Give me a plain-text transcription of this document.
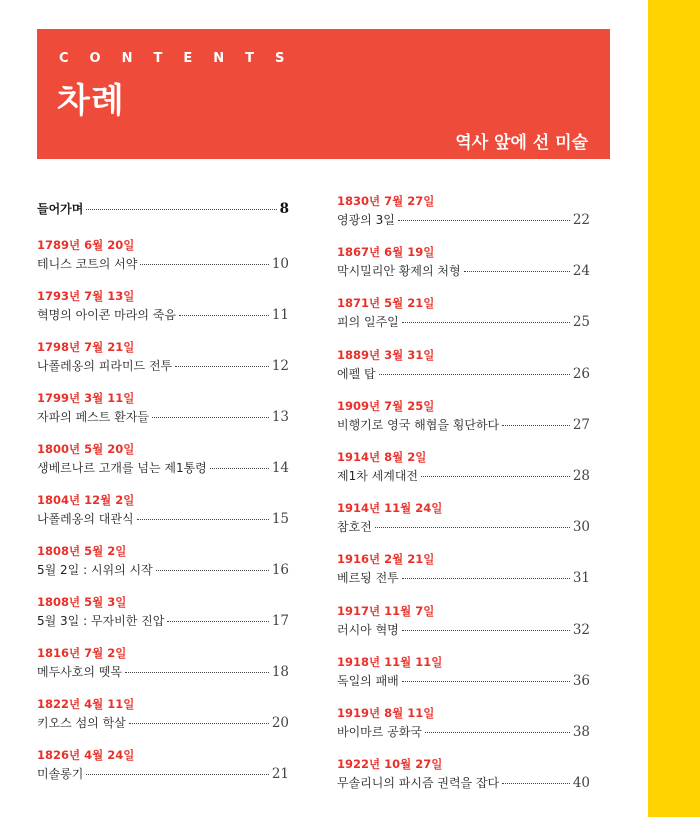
CONTENTS
차례
역사 앞에 선 미술
들어가며	8
1789년 6월 20일
테니스 코트의 서약	10
1793년 7월 13일
혁명의 아이콘 마라의 죽음	11
1798년 7월 21일
나폴레옹의 피라미드 전투	12
1799년 3월 11일
자파의 페스트 환자들	13
1800년 5월 20일
생베르나르 고개를 넘는 제1통령	14
1804년 12월 2일
나폴레옹의 대관식	15
1808년 5월 2일
5월 2일 : 시위의 시작	16
1808년 5월 3일
5월 3일 : 무자비한 진압	17
1816년 7월 2일
메두사호의 뗏목	18
1822년 4월 11일
키오스 섬의 학살	20
1826년 4월 24일
미솔롱기	21
1830년 7월 27일
영광의 3일	22
1867년 6월 19일
막시밀리안 황제의 처형	24
1871년 5월 21일
피의 일주일	25
1889년 3월 31일
에펠 탑	26
1909년 7월 25일
비행기로 영국 해협을 횡단하다	27
1914년 8월 2일
제1차 세계대전	28
1914년 11월 24일
참호전	30
1916년 2월 21일
베르됭 전투	31
1917년 11월 7일
러시아 혁명	32
1918년 11월 11일
독일의 패배	36
1919년 8월 11일
바이마르 공화국	38
1922년 10월 27일
무솔리니의 파시즘 권력을 잡다	40
